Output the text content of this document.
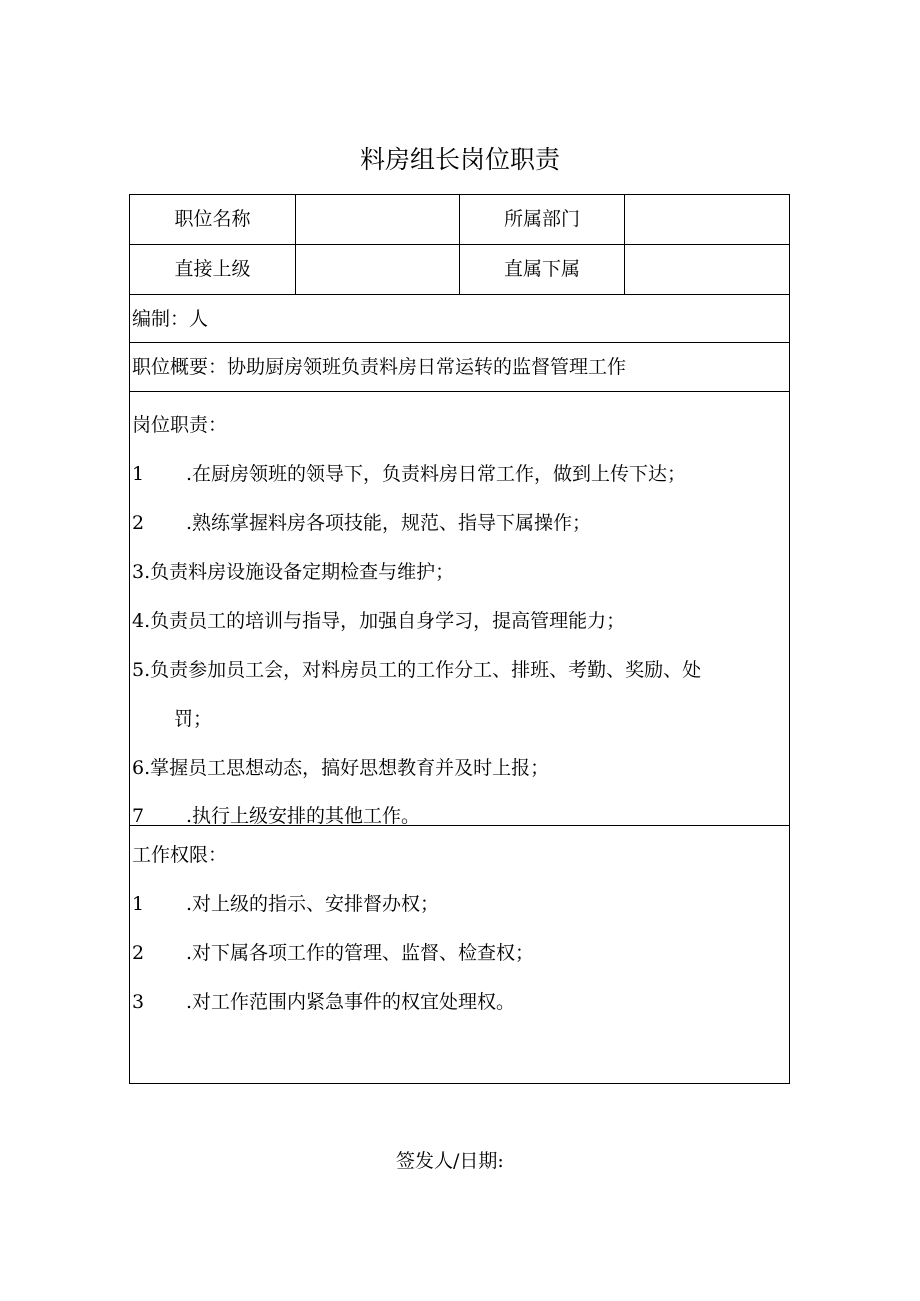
料房组长岗位职责
职位名称	所属部门
直接上级	直属下属
编制：人
职位概要：协助厨房领班负责料房日常运转的监督管理工作
岗位职责：
1 .在厨房领班的领导下，负责料房日常工作，做到上传下达；
2 .熟练掌握料房各项技能，规范、指导下属操作；
3.负责料房设施设备定期检查与维护；
4.负责员工的培训与指导，加强自身学习，提高管理能力；
5.负责参加员工会，对料房员工的工作分工、排班、考勤、奖励、处
罚；
6.掌握员工思想动态，搞好思想教育并及时上报；
7 .执行上级安排的其他工作。
工作权限：
1 .对上级的指示、安排督办权；
2 .对下属各项工作的管理、监督、检查权；
3 .对工作范围内紧急事件的权宜处理权。
签发人/日期:
